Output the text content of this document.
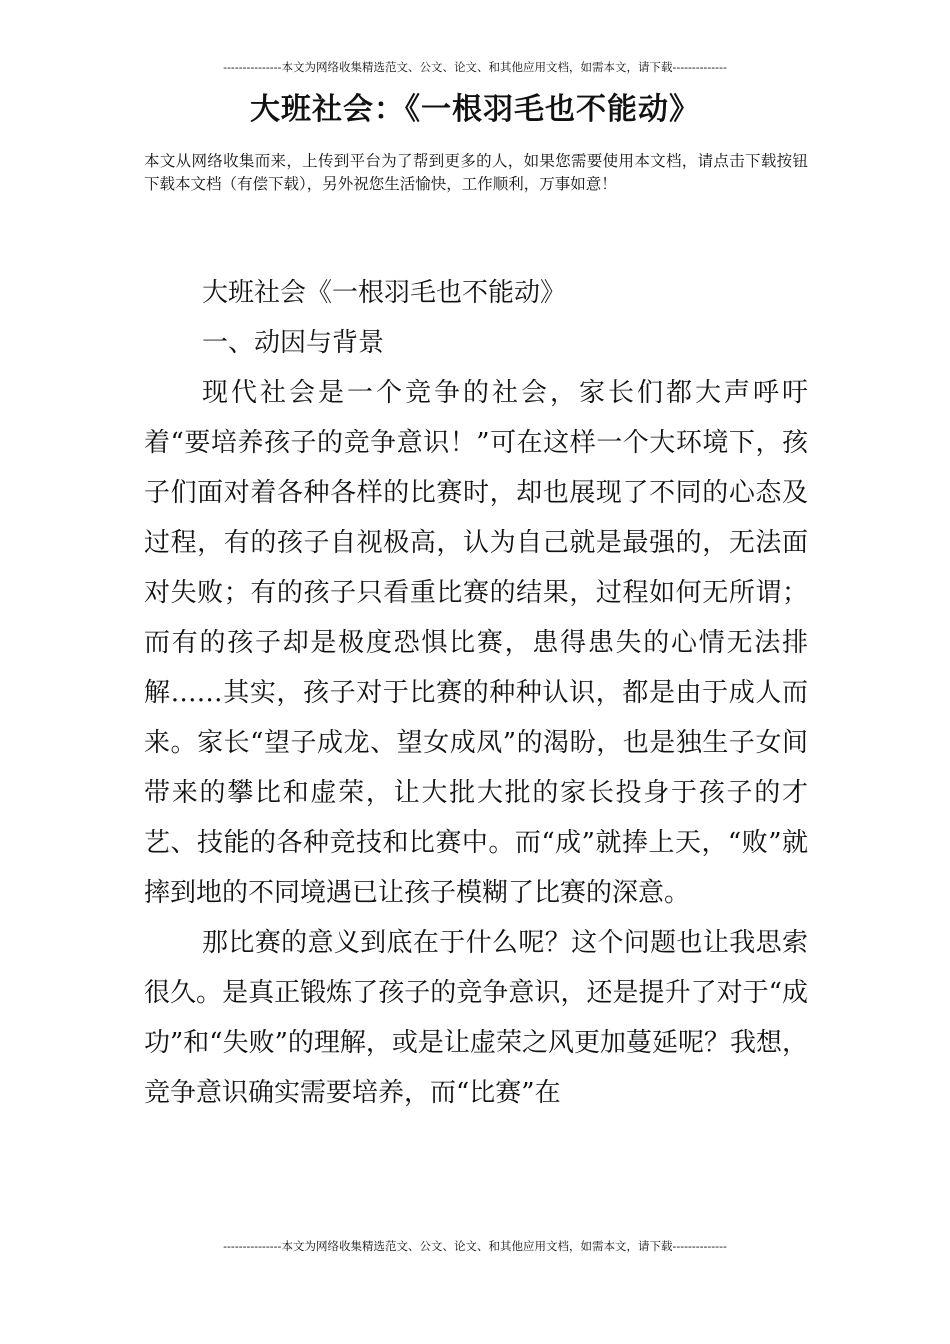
---------------本文为网络收集精选范文、公文、论文、和其他应用文档，如需本文，请下载--------------
大班社会：《一根羽毛也不能动》
本文从网络收集而来，上传到平台为了帮到更多的人，如果您需要使用本文档，请点击下载按钮下载本文档（有偿下载），另外祝您生活愉快，工作顺利，万事如意！

大班社会《一根羽毛也不能动》

一、动因与背景

现代社会是一个竞争的社会，家长们都大声呼吁着“要培养孩子的竞争意识！”可在这样一个大环境下，孩子们面对着各种各样的比赛时，却也展现了不同的心态及过程，有的孩子自视极高，认为自己就是最强的，无法面对失败；有的孩子只看重比赛的结果，过程如何无所谓；而有的孩子却是极度恐惧比赛，患得患失的心情无法排解……其实，孩子对于比赛的种种认识，都是由于成人而来。家长“望子成龙、望女成凤”的渴盼，也是独生子女间带来的攀比和虚荣，让大批大批的家长投身于孩子的才艺、技能的各种竞技和比赛中。而“成”就捧上天，“败”就摔到地的不同境遇已让孩子模糊了比赛的深意。

那比赛的意义到底在于什么呢？这个问题也让我思索很久。是真正锻炼了孩子的竞争意识，还是提升了对于“成功”和“失败”的理解，或是让虚荣之风更加蔓延呢？我想，竞争意识确实需要培养，而“比赛”在

---------------本文为网络收集精选范文、公文、论文、和其他应用文档，如需本文，请下载--------------
